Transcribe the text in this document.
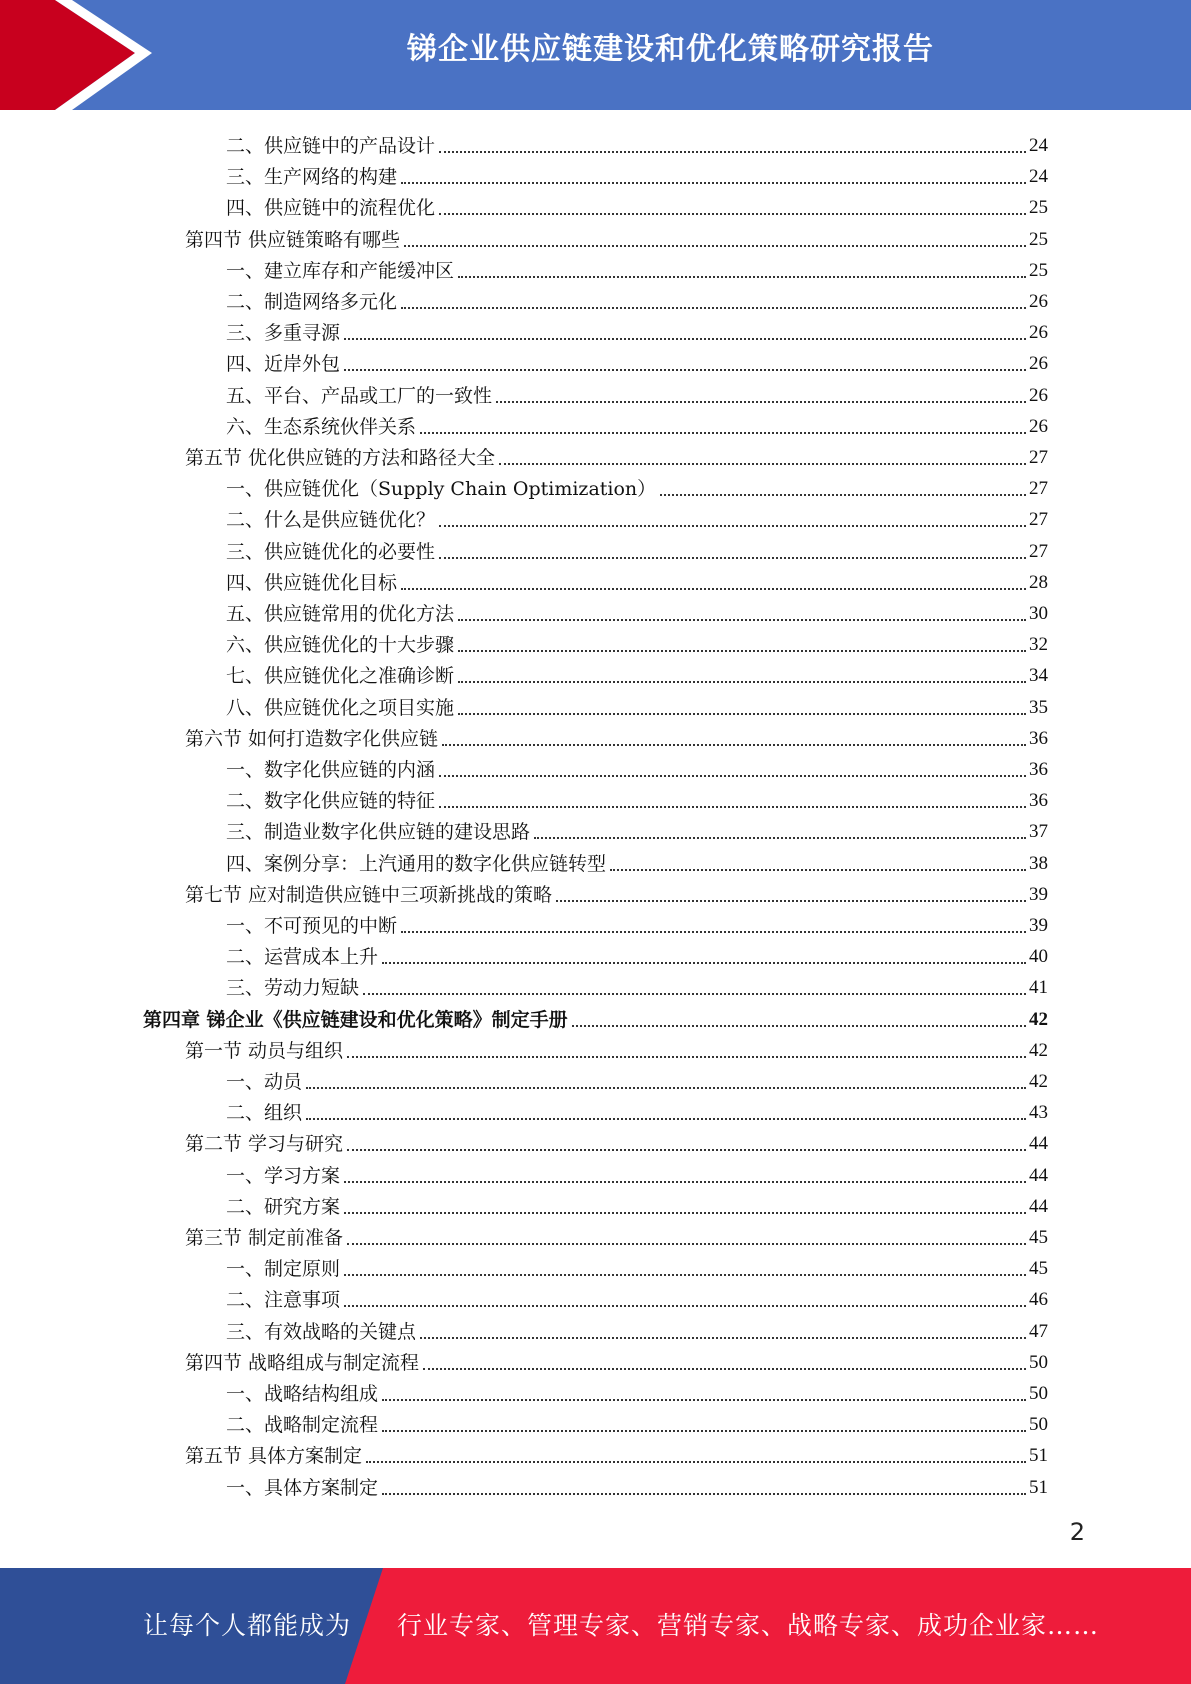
锑企业供应链建设和优化策略研究报告
二、供应链中的产品设计	24
三、生产网络的构建	24
四、供应链中的流程优化	25
第四节 供应链策略有哪些	25
一、建立库存和产能缓冲区	25
二、制造网络多元化	26
三、多重寻源	26
四、近岸外包	26
五、平台、产品或工厂的一致性	26
六、生态系统伙伴关系	26
第五节 优化供应链的方法和路径大全	27
一、供应链优化（Supply Chain Optimization）	27
二、什么是供应链优化？	27
三、供应链优化的必要性	27
四、供应链优化目标	28
五、供应链常用的优化方法	30
六、供应链优化的十大步骤	32
七、供应链优化之准确诊断	34
八、供应链优化之项目实施	35
第六节 如何打造数字化供应链	36
一、数字化供应链的内涵	36
二、数字化供应链的特征	36
三、制造业数字化供应链的建设思路	37
四、案例分享：上汽通用的数字化供应链转型	38
第七节 应对制造供应链中三项新挑战的策略	39
一、不可预见的中断	39
二、运营成本上升	40
三、劳动力短缺	41
第四章 锑企业《供应链建设和优化策略》制定手册	42
第一节 动员与组织	42
一、动员	42
二、组织	43
第二节 学习与研究	44
一、学习方案	44
二、研究方案	44
第三节 制定前准备	45
一、制定原则	45
二、注意事项	46
三、有效战略的关键点	47
第四节 战略组成与制定流程	50
一、战略结构组成	50
二、战略制定流程	50
第五节 具体方案制定	51
一、具体方案制定	51
2
让每个人都能成为 行业专家、管理专家、营销专家、战略专家、成功企业家……
